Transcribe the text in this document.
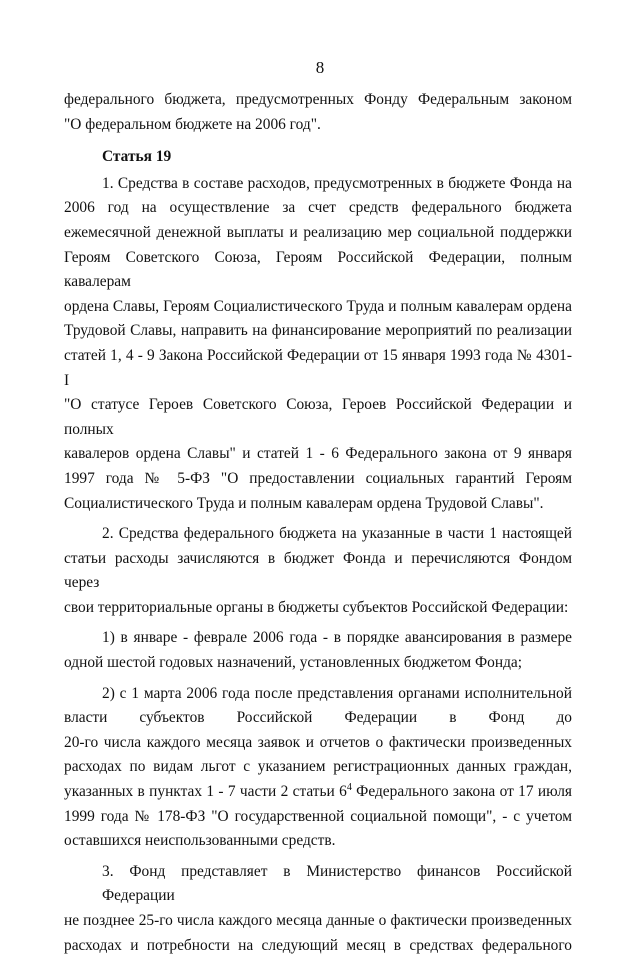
8

федерального бюджета, предусмотренных Фонду Федеральным законом
"О федеральном бюджете на 2006 год".

Статья 19

1. Средства в составе расходов, предусмотренных в бюджете Фонда на
2006 год на осуществление за счет средств федерального бюджета
ежемесячной денежной выплаты и реализацию мер социальной поддержки
Героям Советского Союза, Героям Российской Федерации, полным кавалерам
ордена Славы, Героям Социалистического Труда и полным кавалерам ордена
Трудовой Славы, направить на финансирование мероприятий по реализации
статей 1, 4 - 9 Закона Российской Федерации от 15 января 1993 года № 4301-I
"О статусе Героев Советского Союза, Героев Российской Федерации и полных
кавалеров ордена Славы" и статей 1 - 6 Федерального закона от 9 января
1997 года № 5-ФЗ "О предоставлении социальных гарантий Героям
Социалистического Труда и полным кавалерам ордена Трудовой Славы".

2. Средства федерального бюджета на указанные в части 1 настоящей
статьи расходы зачисляются в бюджет Фонда и перечисляются Фондом через
свои территориальные органы в бюджеты субъектов Российской Федерации:

1) в январе - феврале 2006 года - в порядке авансирования в размере
одной шестой годовых назначений, установленных бюджетом Фонда;

2) с 1 марта 2006 года после представления органами исполнительной
власти субъектов Российской Федерации в Фонд до
20-го числа каждого месяца заявок и отчетов о фактически произведенных
расходах по видам льгот с указанием регистрационных данных граждан,
указанных в пунктах 1 - 7 части 2 статьи $6^4$ Федерального закона от 17 июля
1999 года № 178-ФЗ "О государственной социальной помощи", - с учетом
оставшихся неиспользованными средств.

3. Фонд представляет в Министерство финансов Российской Федерации
не позднее 25-го числа каждого месяца данные о фактически произведенных
расходах и потребности на следующий месяц в средствах федерального
